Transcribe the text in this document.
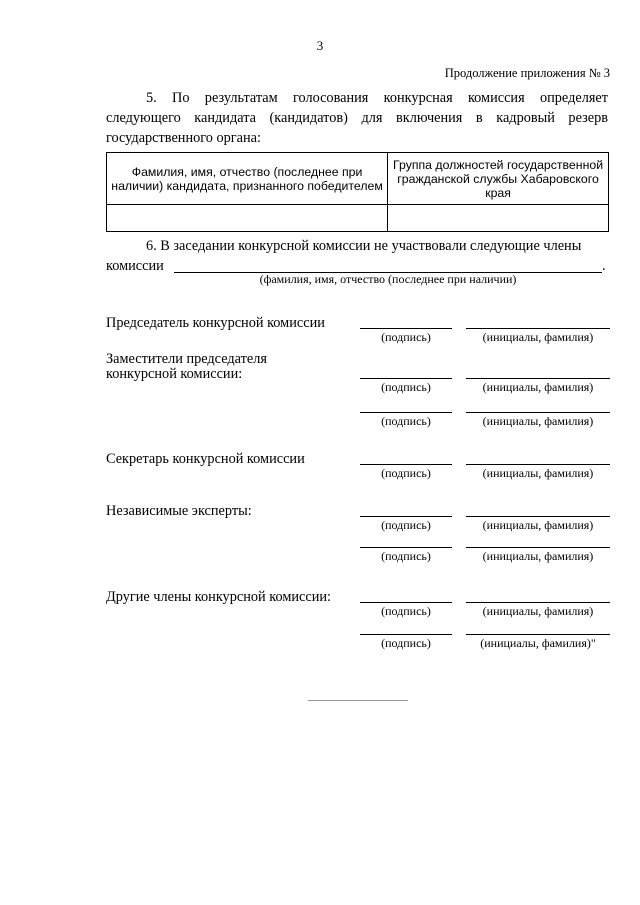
3
Продолжение приложения № 3
5. По результатам голосования конкурсная комиссия определяет следующего кандидата (кандидатов) для включения в кадровый резерв государственного органа:
Фамилия, имя, отчество (последнее при наличии) кандидата, признанного победителем	Группа должностей государственной гражданской службы Хабаровского края

6. В заседании конкурсной комиссии не участвовали следующие члены
комиссии	.
(фамилия, имя, отчество (последнее при наличии)
Председатель конкурсной комиссии
(подпись)	(инициалы, фамилия)
Заместители председателя
конкурсной комиссии:
(подпись)	(инициалы, фамилия)
(подпись)	(инициалы, фамилия)
Секретарь конкурсной комиссии
(подпись)	(инициалы, фамилия)
Независимые эксперты:
(подпись)	(инициалы, фамилия)
(подпись)	(инициалы, фамилия)
Другие члены конкурсной комиссии:
(подпись)	(инициалы, фамилия)
(подпись)	(инициалы, фамилия)"
